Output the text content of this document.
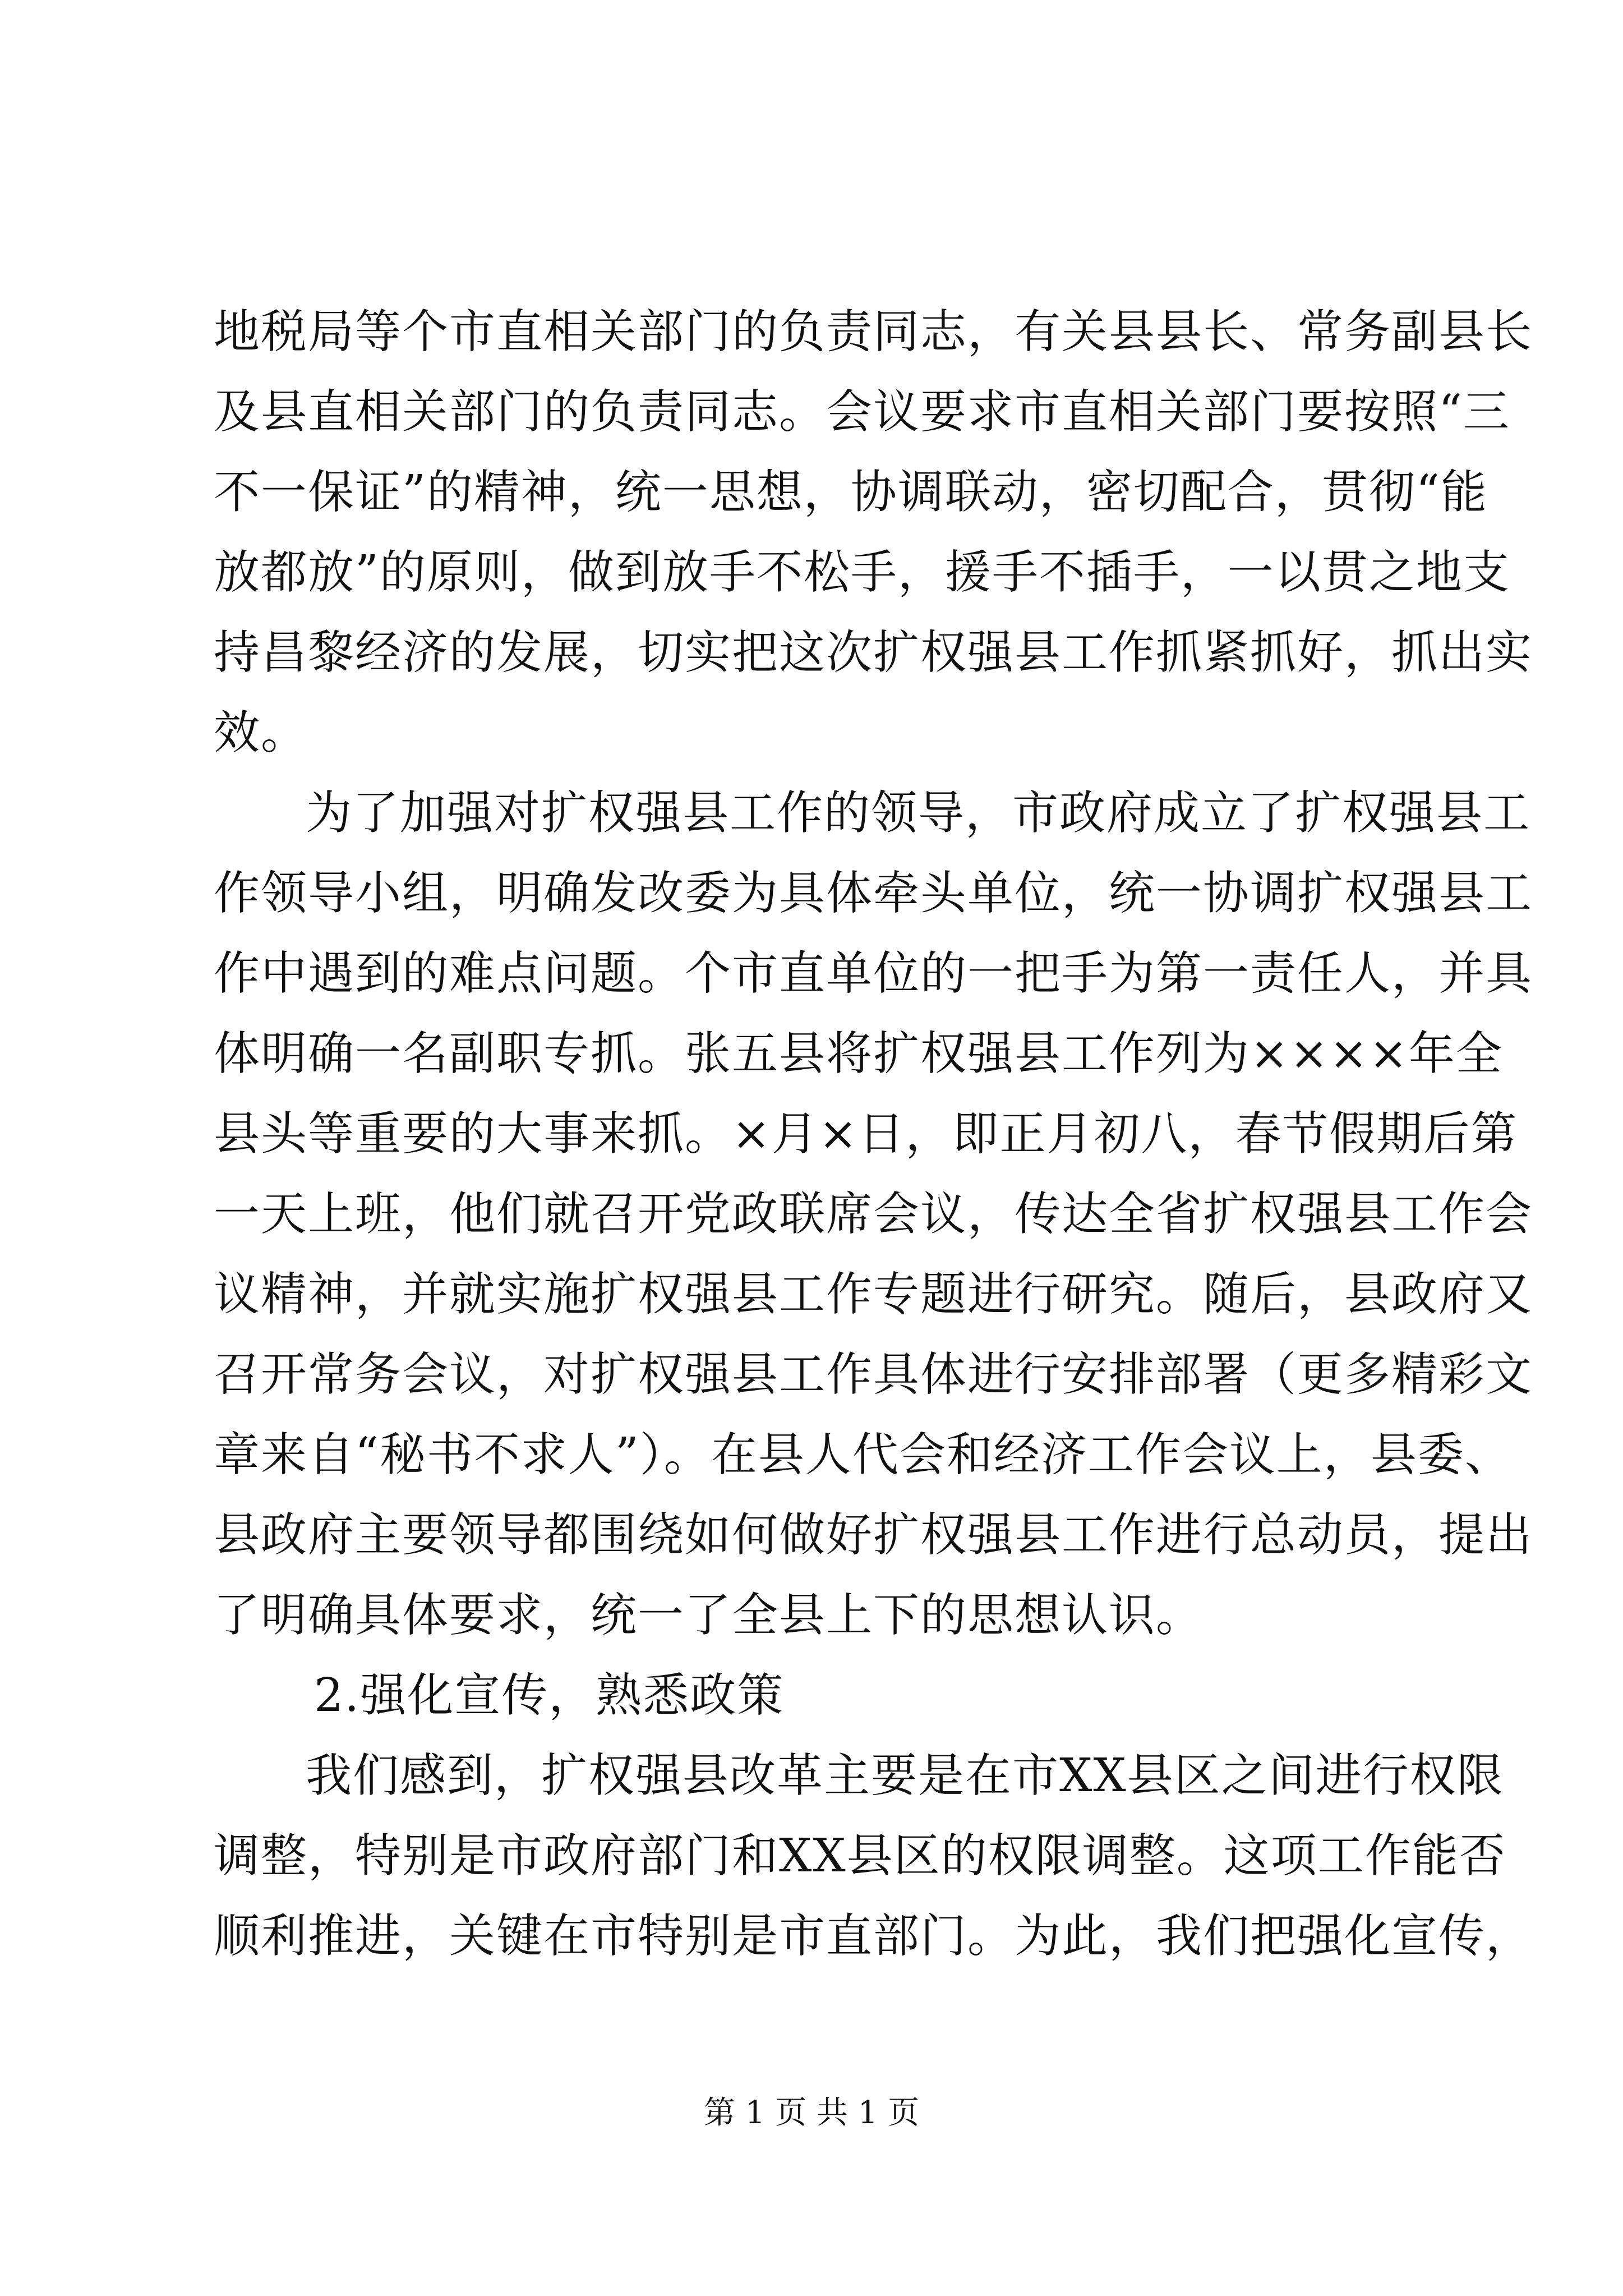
地税局等个市直相关部门的负责同志，有关县县长、常务副县长
及县直相关部门的负责同志。会议要求市直相关部门要按照“三
不一保证”的精神，统一思想，协调联动，密切配合，贯彻“能
放都放”的原则，做到放手不松手，援手不插手，一以贯之地支
持昌黎经济的发展，切实把这次扩权强县工作抓紧抓好，抓出实
效。
为了加强对扩权强县工作的领导，市政府成立了扩权强县工
作领导小组，明确发改委为具体牵头单位，统一协调扩权强县工
作中遇到的难点问题。个市直单位的一把手为第一责任人，并具
体明确一名副职专抓。张五县将扩权强县工作列为××××年全
县头等重要的大事来抓。×月×日，即正月初八，春节假期后第
一天上班，他们就召开党政联席会议，传达全省扩权强县工作会
议精神，并就实施扩权强县工作专题进行研究。随后，县政府又
召开常务会议，对扩权强县工作具体进行安排部署（更多精彩文
章来自“秘书不求人”）。在县人代会和经济工作会议上，县委、
县政府主要领导都围绕如何做好扩权强县工作进行总动员，提出
了明确具体要求，统一了全县上下的思想认识。
2.强化宣传，熟悉政策
我们感到，扩权强县改革主要是在市XX县区之间进行权限
调整，特别是市政府部门和XX县区的权限调整。这项工作能否
顺利推进，关键在市特别是市直部门。为此，我们把强化宣传，
第 1 页 共 1 页
